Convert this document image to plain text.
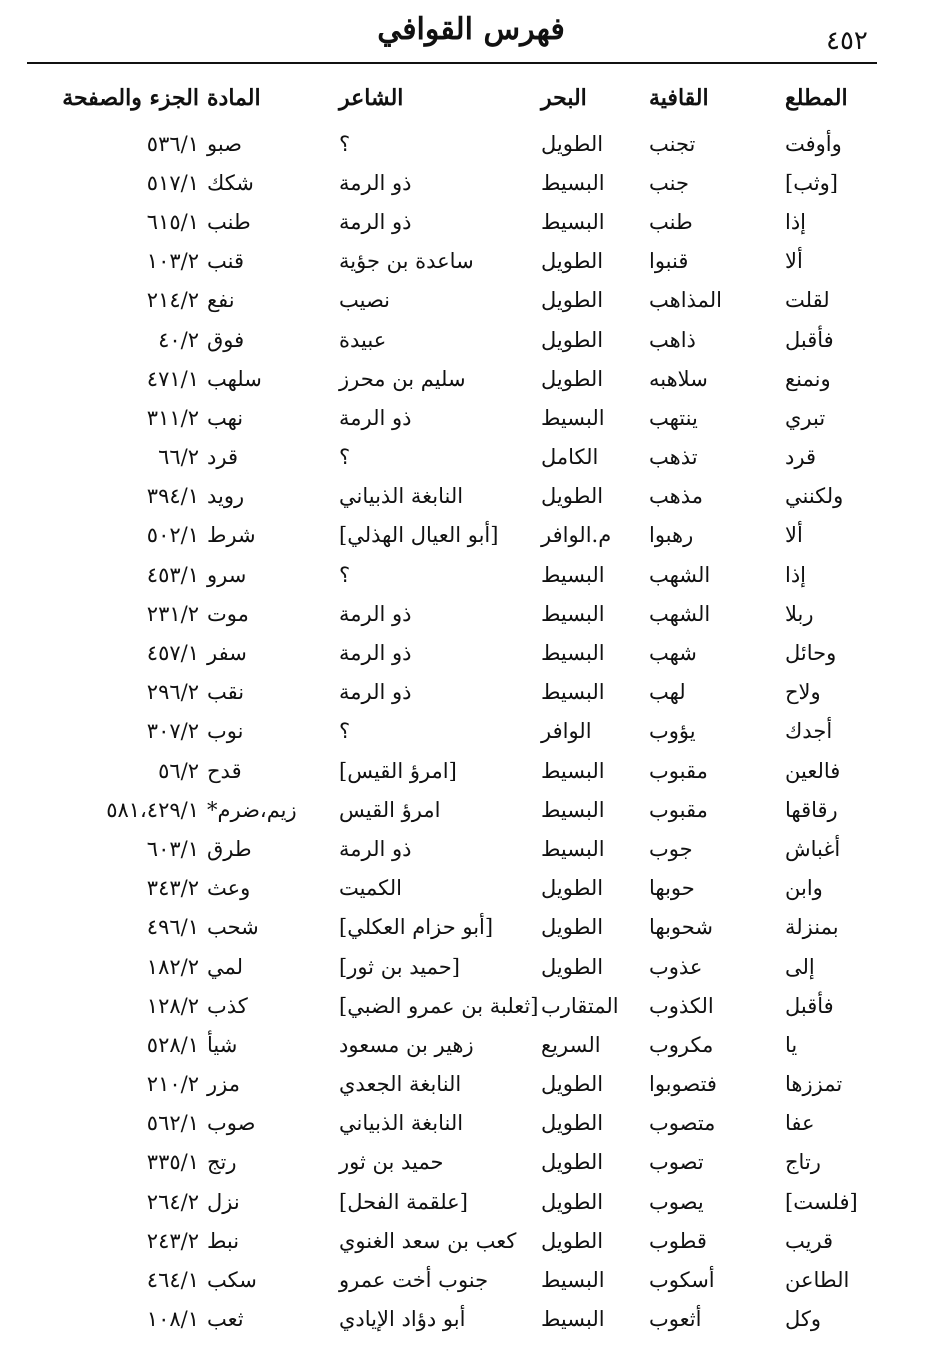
فهرس القوافي	٤٥٢
المطلع
القافية
البحر
الشاعر
المادة
الجزء والصفحة
وأوفت
تجنب
الطويل
؟
صبو
٥٣٦/١
[وثب]
جنب
البسيط
ذو الرمة
شكك
٥١٧/١
إذا
طنب
البسيط
ذو الرمة
طنب
٦١٥/١
ألا
قنبوا
الطويل
ساعدة بن جؤية
قنب
١٠٣/٢
لقلت
المذاهب
الطويل
نصيب
نفع
٢١٤/٢
فأقبل
ذاهب
الطويل
عبيدة
فوق
٤٠/٢
ونمنع
سلاهبه
الطويل
سليم بن محرز
سلهب
٤٧١/١
تبري
ينتهب
البسيط
ذو الرمة
نهب
٣١١/٢
قرد
تذهب
الكامل
؟
قرد
٦٦/٢
ولكنني
مذهب
الطويل
النابغة الذبياني
رويد
٣٩٤/١
ألا
رهبوا
م.الوافر
[أبو العيال الهذلي]
شرط
٥٠٢/١
إذا
الشهب
البسيط
؟
سرو
٤٥٣/١
ربلا
الشهب
البسيط
ذو الرمة
موت
٢٣١/٢
وحائل
شهب
البسيط
ذو الرمة
سفر
٤٥٧/١
ولاح
لهب
البسيط
ذو الرمة
نقب
٢٩٦/٢
أجدك
يؤوب
الوافر
؟
نوب
٣٠٧/٢
فالعين
مقبوب
البسيط
[امرؤ القيس]
قدح
٥٦/٢
رقاقها
مقبوب
البسيط
امرؤ القيس
زيم،ضرم*
٥٨١،٤٢٩/١
أغباش
جوب
البسيط
ذو الرمة
طرق
٦٠٣/١
وابن
حوبها
الطويل
الكميت
وعث
٣٤٣/٢
بمنزلة
شحوبها
الطويل
[أبو حزام العكلي]
شحب
٤٩٦/١
إلى
عذوب
الطويل
[حميد بن ثور]
لمي
١٨٢/٢
فأقبل
الكذوب
المتقارب
[ثعلبة بن عمرو الضبي]
كذب
١٢٨/٢
يا
مكروب
السريع
زهير بن مسعود
شيأ
٥٢٨/١
تمززها
فتصوبوا
الطويل
النابغة الجعدي
مزر
٢١٠/٢
عفا
متصوب
الطويل
النابغة الذبياني
صوب
٥٦٢/١
رتاج
تصوب
الطويل
حميد بن ثور
رتج
٣٣٥/١
[فلست]
يصوب
الطويل
[علقمة الفحل]
نزل
٢٦٤/٢
قريب
قطوب
الطويل
كعب بن سعد الغنوي
نبط
٢٤٣/٢
الطاعن
أسكوب
البسيط
جنوب أخت عمرو
سكب
٤٦٤/١
وكل
أثعوب
البسيط
أبو دؤاد الإيادي
ثعب
١٠٨/١
